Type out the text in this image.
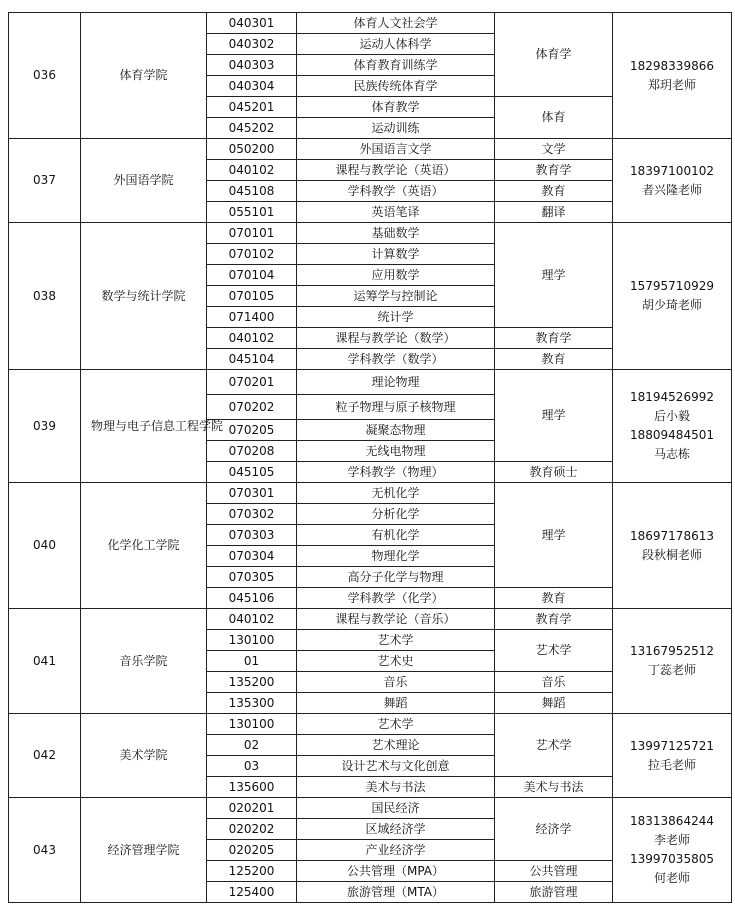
036	体育学院	040301	体育人文社会学	体育学	18298339866
郑玥老师

		040302	运动人体科学		
		040303	体育教育训练学		
		040304	民族传统体育学		
		045201	体育教学	体育	
		045202	运动训练		
037	外国语学院	050200	外国语言文学	文学	18397100102
者兴隆老师

		040102	课程与教学论（英语）	教育学	
		045108	学科教学（英语）	教育	
		055101	英语笔译	翻译	
038	数学与统计学院	070101	基础数学	理学	15795710929
胡少琦老师

		070102	计算数学		
		070104	应用数学		
		070105	运筹学与控制论		
		071400	统计学		
		040102	课程与教学论（数学）	教育学	
		045104	学科教学（数学）	教育	
039	物理与电子信息工程学院	070201	理论物理	理学	18194526992
后小毅
18809484501
马志栋

		070202	粒子物理与原子核物理		
		070205	凝聚态物理		
		070208	无线电物理		
		045105	学科教学（物理）	教育硕士	
040	化学化工学院	070301	无机化学	理学	18697178613
段秋桐老师

		070302	分析化学		
		070303	有机化学		
		070304	物理化学		
		070305	高分子化学与物理		
		045106	学科教学（化学）	教育	
041	音乐学院	040102	课程与教学论（音乐）	教育学	13167952512
丁蕊老师

		130100	艺术学	艺术学	
		01	艺术史		
		135200	音乐	音乐	
		135300	舞蹈	舞蹈	
042	美术学院	130100	艺术学	艺术学	13997125721
拉毛老师

		02	艺术理论		
		03	设计艺术与文化创意		
		135600	美术与书法	美术与书法	
043	经济管理学院	020201	国民经济	经济学	18313864244
李老师
13997035805
何老师

		020202	区域经济学		
		020205	产业经济学		
		125200	公共管理（MPA）	公共管理	
		125400	旅游管理（MTA）	旅游管理	
